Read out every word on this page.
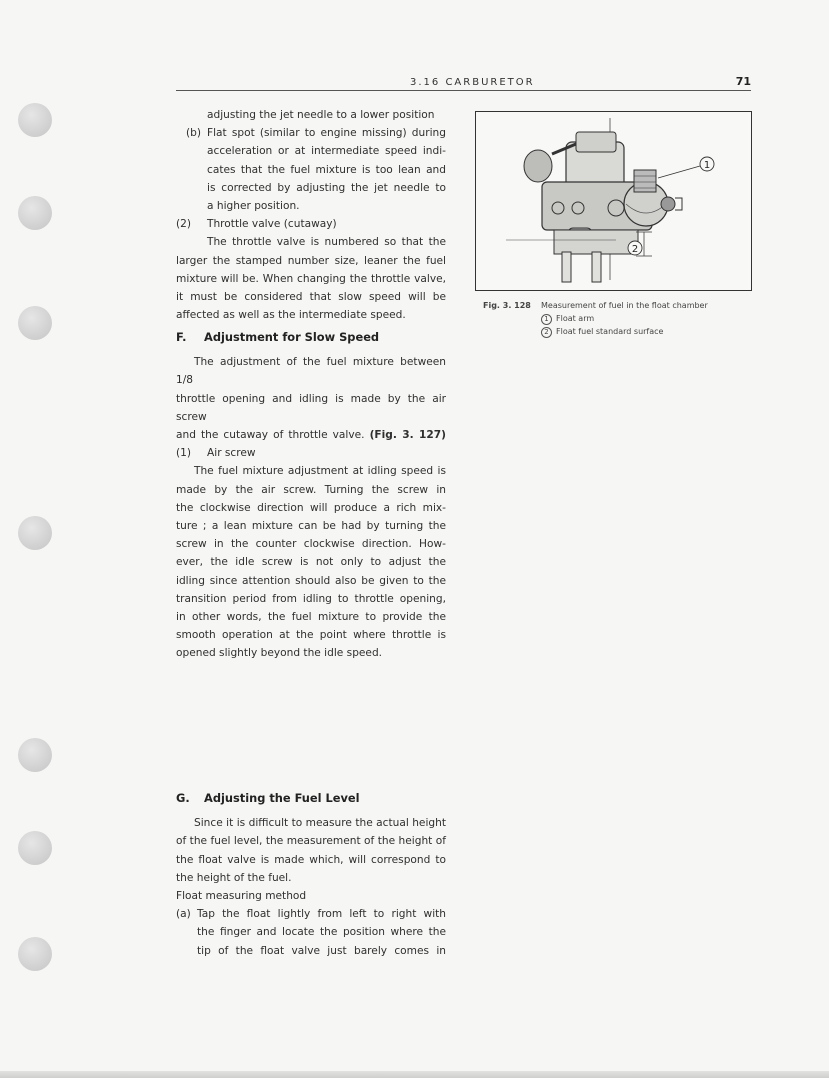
3.16 CARBURETOR	71

adjusting the jet needle to a lower position

(b) Flat spot (similar to engine missing) during

acceleration or at intermediate speed indi-

cates that the fuel mixture is too lean and

is corrected by adjusting the jet needle to

a higher position.

(2) Throttle valve (cutaway)

The throttle valve is numbered so that the

larger the stamped number size, leaner the fuel

mixture will be. When changing the throttle valve,

it must be considered that slow speed will be

affected as well as the intermediate speed.

F. Adjustment for Slow Speed

The adjustment of the fuel mixture between 1/8

throttle opening and idling is made by the air screw

and the cutaway of throttle valve. (Fig. 3. 127)

(1) Air screw

The fuel mixture adjustment at idling speed is

made by the air screw. Turning the screw in

the clockwise direction will produce a rich mix-

ture ; a lean mixture can be had by turning the

screw in the counter clockwise direction. How-

ever, the idle screw is not only to adjust the

idling since attention should also be given to the

transition period from idling to throttle opening,

in other words, the fuel mixture to provide the

smooth operation at the point where throttle is

opened slightly beyond the idle speed.

G. Adjusting the Fuel Level

Since it is difficult to measure the actual height

of the fuel level, the measurement of the height of

the float valve is made which, will correspond to

the height of the fuel.

Float measuring method

(a) Tap the float lightly from left to right with

the finger and locate the position where the

tip of the float valve just barely comes in

1
2
Fig. 3. 128 Measurement of fuel in the float chamber
1 Float arm
2 Float fuel standard surface
